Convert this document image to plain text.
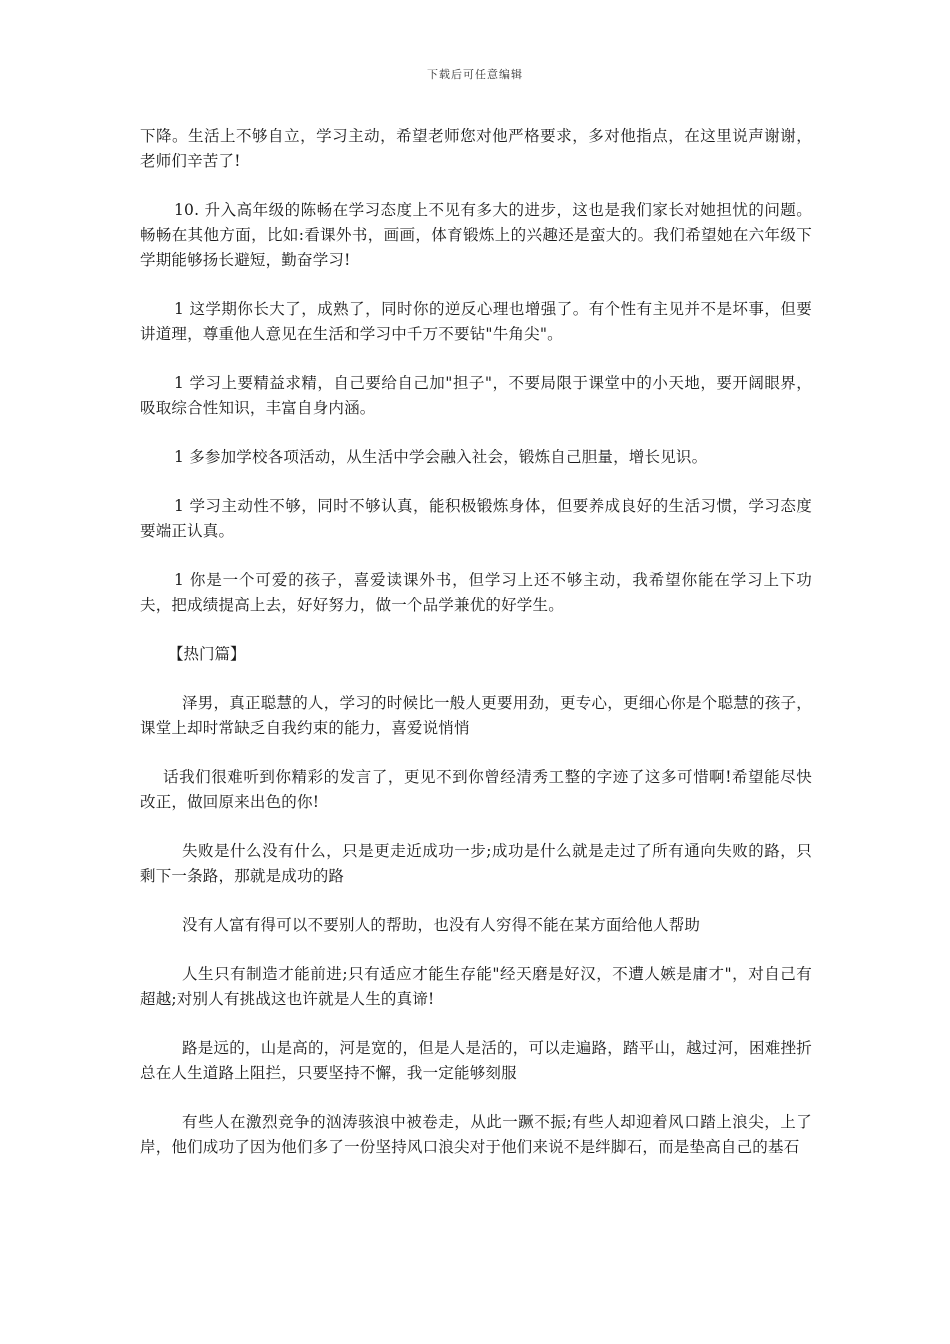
下载后可任意编辑

下降。生活上不够自立，学习主动，希望老师您对他严格要求，多对他指点，在这里说声谢谢，老师们辛苦了!

10. 升入高年级的陈畅在学习态度上不见有多大的进步，这也是我们家长对她担忧的问题。畅畅在其他方面，比如:看课外书，画画，体育锻炼上的兴趣还是蛮大的。我们希望她在六年级下学期能够扬长避短，勤奋学习!

1 这学期你长大了，成熟了，同时你的逆反心理也增强了。有个性有主见并不是坏事，但要讲道理，尊重他人意见在生活和学习中千万不要钻"牛角尖"。

1 学习上要精益求精，自己要给自己加"担子"，不要局限于课堂中的小天地，要开阔眼界，吸取综合性知识，丰富自身内涵。

1 多参加学校各项活动，从生活中学会融入社会，锻炼自己胆量，增长见识。

1 学习主动性不够，同时不够认真，能积极锻炼身体，但要养成良好的生活习惯，学习态度要端正认真。

1 你是一个可爱的孩子，喜爱读课外书，但学习上还不够主动，我希望你能在学习上下功夫，把成绩提高上去，好好努力，做一个品学兼优的好学生。

【热门篇】

泽男，真正聪慧的人，学习的时候比一般人更要用劲，更专心，更细心你是个聪慧的孩子，课堂上却时常缺乏自我约束的能力，喜爱说悄悄

话我们很难听到你精彩的发言了，更见不到你曾经清秀工整的字迹了这多可惜啊!希望能尽快改正，做回原来出色的你!

失败是什么没有什么，只是更走近成功一步;成功是什么就是走过了所有通向失败的路，只剩下一条路，那就是成功的路

没有人富有得可以不要别人的帮助，也没有人穷得不能在某方面给他人帮助

人生只有制造才能前进;只有适应才能生存能"经天磨是好汉，不遭人嫉是庸才"，对自己有超越;对别人有挑战这也许就是人生的真谛!

路是远的，山是高的，河是宽的，但是人是活的，可以走遍路，踏平山，越过河，困难挫折总在人生道路上阻拦，只要坚持不懈，我一定能够刻服

有些人在激烈竞争的汹涛骇浪中被卷走，从此一蹶不振;有些人却迎着风口踏上浪尖，上了岸，他们成功了因为他们多了一份坚持风口浪尖对于他们来说不是绊脚石，而是垫高自己的基石
